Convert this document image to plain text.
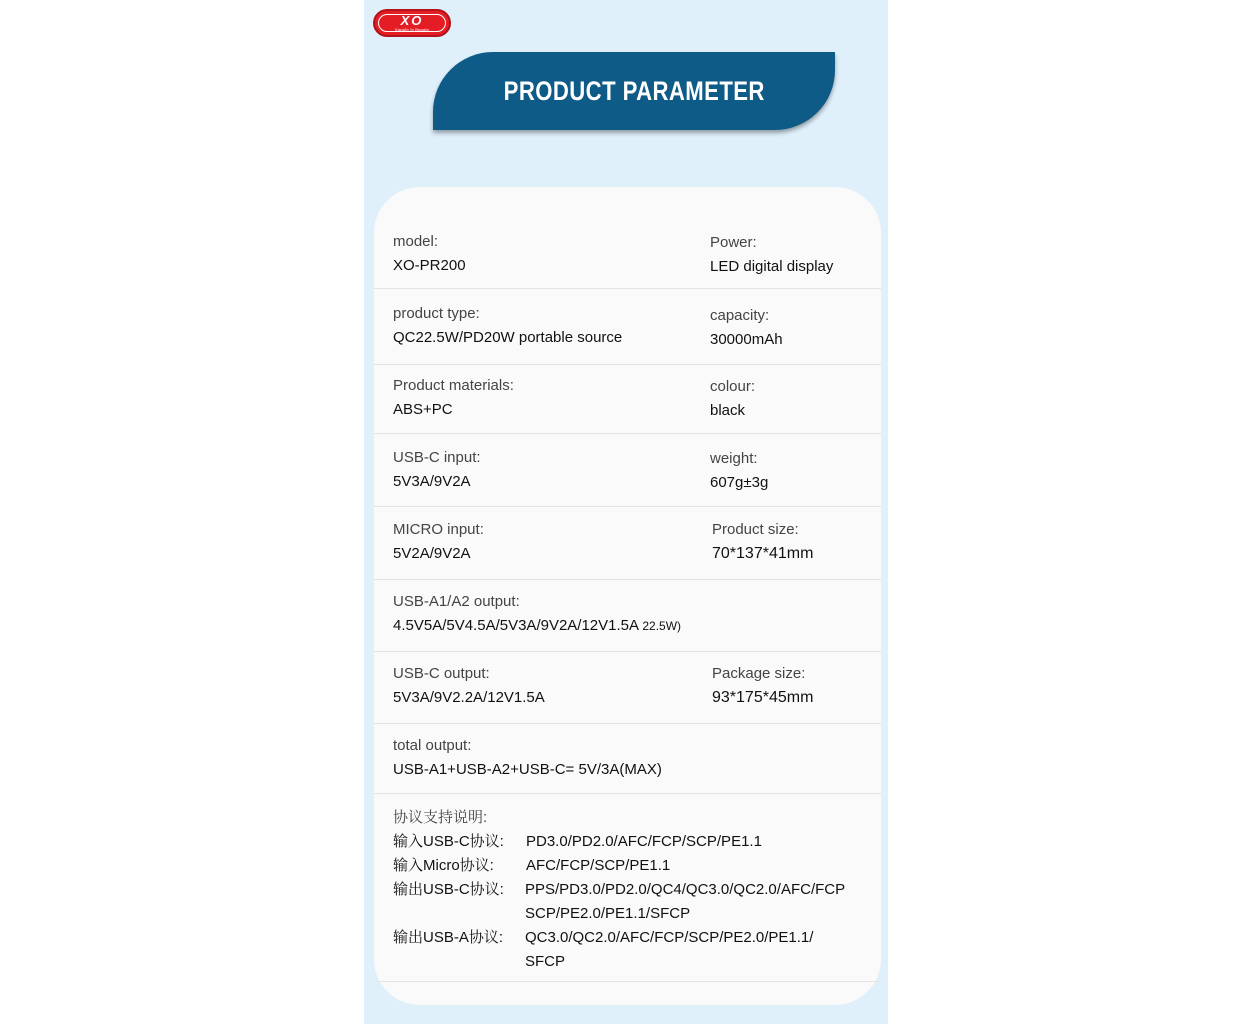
XO
Simple Is Beauty
PRODUCT PARAMETER
model:
XO-PR200
Power:
LED digital display
product type:
QC22.5W/PD20W portable source
capacity:
30000mAh
Product materials:
ABS+PC
colour:
black
USB-C input:
5V3A/9V2A
weight:
607g±3g
MICRO input:
5V2A/9V2A
Product size:
70*137*41mm
USB-A1/A2 output:
4.5V5A/5V4.5A/5V3A/9V2A/12V1.5A 22.5W)
USB-C output:
5V3A/9V2.2A/12V1.5A
Package size:
93*175*45mm
total output:
USB-A1+USB-A2+USB-C= 5V/3A(MAX)
协议支持说明:
输入USB-C协议:	PD3.0/PD2.0/AFC/FCP/SCP/PE1.1
输入Micro协议:	AFC/FCP/SCP/PE1.1
输出USB-C协议:	PPS/PD3.0/PD2.0/QC4/QC3.0/QC2.0/AFC/FCP
SCP/PE2.0/PE1.1/SFCP
输出USB-A协议:	QC3.0/QC2.0/AFC/FCP/SCP/PE2.0/PE1.1/
SFCP
